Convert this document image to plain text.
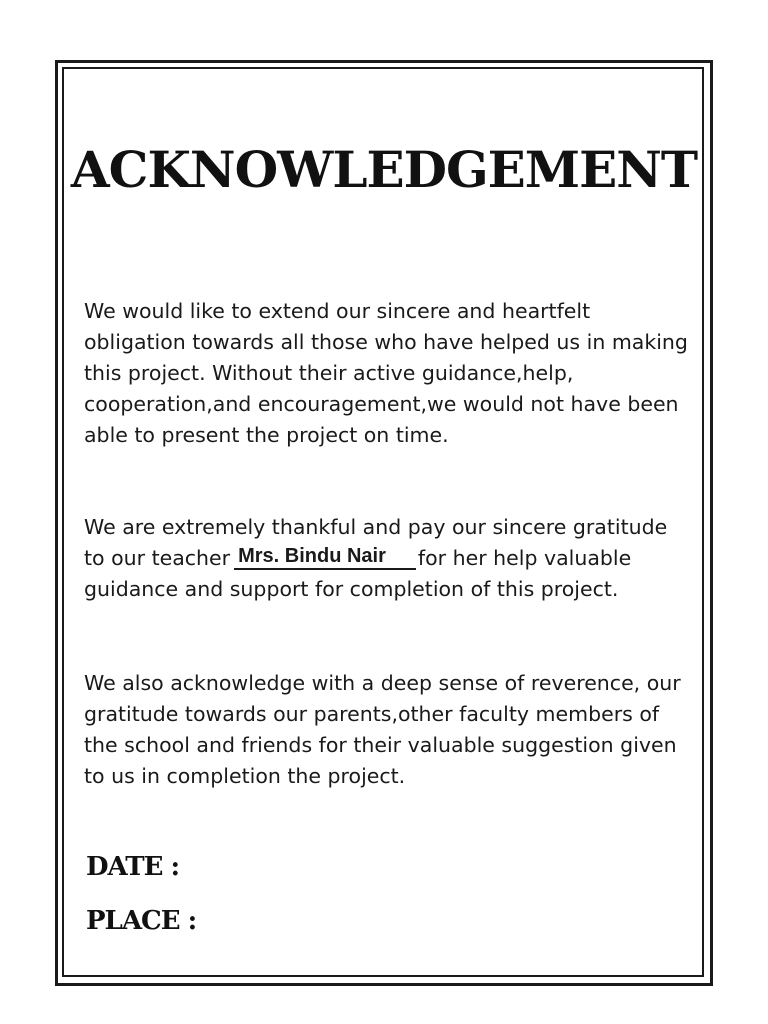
ACKNOWLEDGEMENT

We would like to extend our sincere and heartfelt obligation towards all those who have helped us in making this project. Without their active guidance,help, cooperation,and encouragement,we would not have been able to present the project on time.

We are extremely thankful and pay our sincere gratitude to our teacher Mrs. Bindu Nair for her help valuable guidance and support for completion of this project.

We also acknowledge with a deep sense of reverence, our gratitude towards our parents,other faculty members of the school and friends for their valuable suggestion given to us in completion the project.

DATE :

PLACE :
